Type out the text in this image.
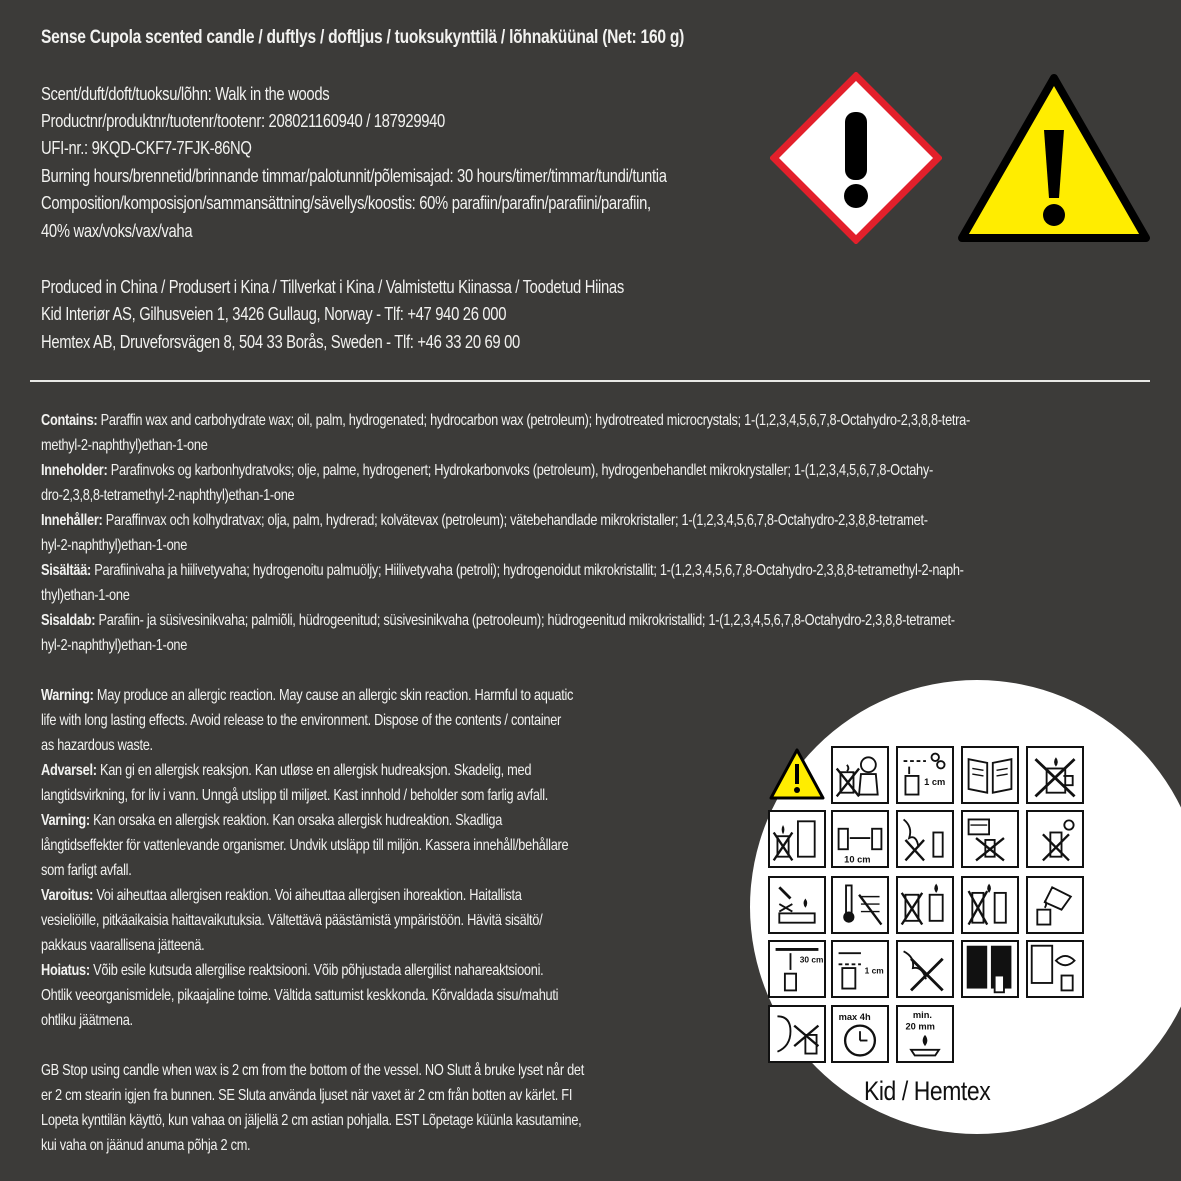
Sense Cupola scented candle / duftlys / doftljus / tuoksukynttilä / lõhnaküünal (Net: 160 g)
Scent/duft/doft/tuoksu/lõhn: Walk in the woods
Productnr/produktnr/tuotenr/tootenr: 208021160940 / 187929940
UFI-nr.: 9KQD-CKF7-7FJK-86NQ
Burning hours/brennetid/brinnande timmar/palotunnit/põlemisajad: 30 hours/timer/timmar/tundi/tuntia
Composition/komposisjon/sammansättning/sävellys/koostis: 60% parafiin/parafin/parafiini/parafiin,
40% wax/voks/vax/vaha
Produced in China / Produsert i Kina / Tillverkat i Kina / Valmistettu Kiinassa / Toodetud Hiinas
Kid Interiør AS, Gilhusveien 1, 3426 Gullaug, Norway - Tlf: +47 940 26 000
Hemtex AB, Druveforsvägen 8, 504 33 Borås, Sweden - Tlf: +46 33 20 69 00
Contains: Paraffin wax and carbohydrate wax; oil, palm, hydrogenated; hydrocarbon wax (petroleum); hydrotreated microcrystals; 1-(1,2,3,4,5,6,7,8-Octahydro-2,3,8,8-tetra-
methyl-2-naphthyl)ethan-1-one
Inneholder: Parafinvoks og karbonhydratvoks; olje, palme, hydrogenert; Hydrokarbonvoks (petroleum), hydrogenbehandlet mikrokrystaller; 1-(1,2,3,4,5,6,7,8-Octahy-
dro-2,3,8,8-tetramethyl-2-naphthyl)ethan-1-one
Innehåller: Paraffinvax och kolhydratvax; olja, palm, hydrerad; kolvätevax (petroleum); vätebehandlade mikrokristaller; 1-(1,2,3,4,5,6,7,8-Octahydro-2,3,8,8-tetramet-
hyl-2-naphthyl)ethan-1-one
Sisältää: Parafiinivaha ja hiilivetyvaha; hydrogenoitu palmuöljy; Hiilivetyvaha (petroli); hydrogenoidut mikrokristallit; 1-(1,2,3,4,5,6,7,8-Octahydro-2,3,8,8-tetramethyl-2-naph-
thyl)ethan-1-one
Sisaldab: Parafiin- ja süsivesinikvaha; palmiõli, hüdrogeenitud; süsivesinikvaha (petrooleum); hüdrogeenitud mikrokristallid; 1-(1,2,3,4,5,6,7,8-Octahydro-2,3,8,8-tetramet-
hyl-2-naphthyl)ethan-1-one
Warning: May produce an allergic reaction. May cause an allergic skin reaction. Harmful to aquatic
life with long lasting effects. Avoid release to the environment. Dispose of the contents / container
as hazardous waste.
Advarsel: Kan gi en allergisk reaksjon. Kan utløse en allergisk hudreaksjon. Skadelig, med
langtidsvirkning, for liv i vann. Unngå utslipp til miljøet. Kast innhold / beholder som farlig avfall.
Varning: Kan orsaka en allergisk reaktion. Kan orsaka allergisk hudreaktion. Skadliga
långtidseffekter för vattenlevande organismer. Undvik utsläpp till miljön. Kassera innehåll/behållare
som farligt avfall.
Varoitus: Voi aiheuttaa allergisen reaktion. Voi aiheuttaa allergisen ihoreaktion. Haitallista
vesieliöille, pitkäaikaisia haittavaikutuksia. Vältettävä päästämistä ympäristöön. Hävitä sisältö/
pakkaus vaarallisena jätteenä.
Hoiatus: Võib esile kutsuda allergilise reaktsiooni. Võib põhjustada allergilist nahareaktsiooni.
Ohtlik veeorganismidele, pikaajaline toime. Vältida sattumist keskkonda. Kõrvaldada sisu/mahuti
ohtliku jäätmena.
GB Stop using candle when wax is 2 cm from the bottom of the vessel. NO Slutt å bruke lyset når det
er 2 cm stearin igjen fra bunnen. SE Sluta använda ljuset när vaxet är 2 cm från botten av kärlet. FI
Lopeta kynttilän käyttö, kun vahaa on jäljellä 2 cm astian pohjalla. EST Lõpetage küünla kasutamine,
kui vaha on jäänud anuma põhja 2 cm.
1 cm
10 cm
30 cm
1 cm
max 4h	min.
20 mm
Kid / Hemtex
